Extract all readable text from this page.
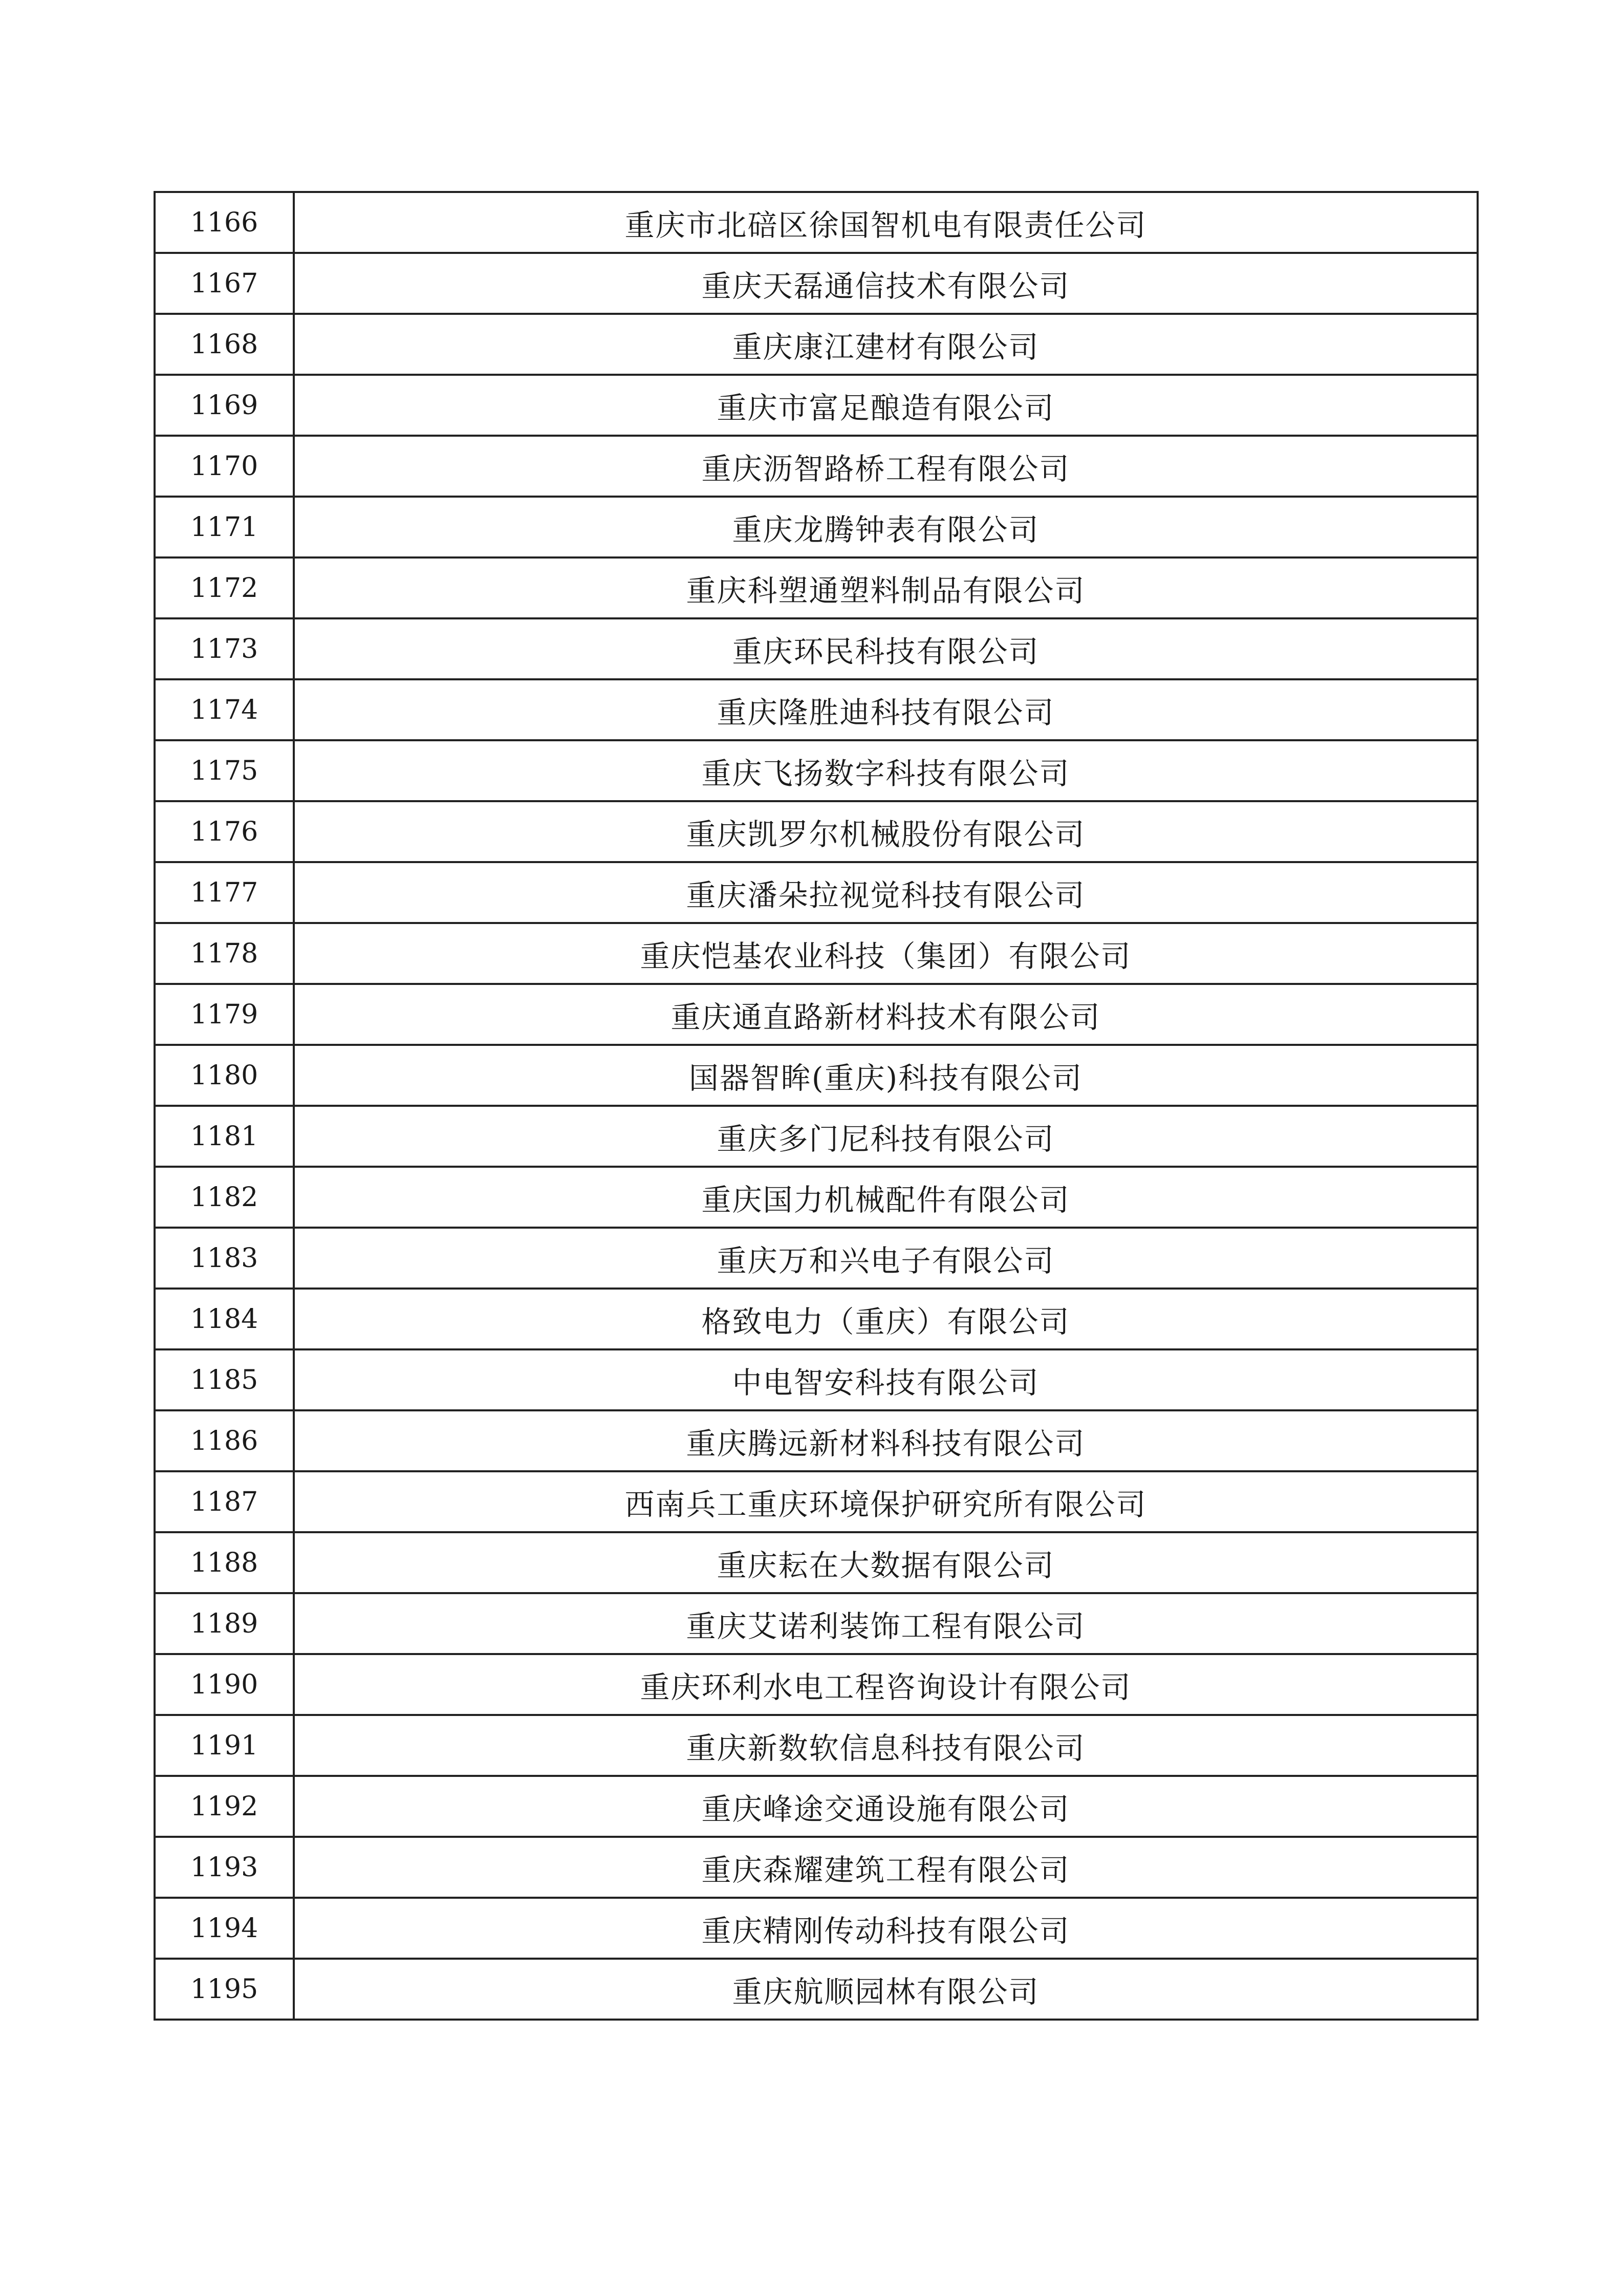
1166	重庆市北碚区徐国智机电有限责任公司
1167	重庆天磊通信技术有限公司
1168	重庆康江建材有限公司
1169	重庆市富足酿造有限公司
1170	重庆沥智路桥工程有限公司
1171	重庆龙腾钟表有限公司
1172	重庆科塑通塑料制品有限公司
1173	重庆环民科技有限公司
1174	重庆隆胜迪科技有限公司
1175	重庆飞扬数字科技有限公司
1176	重庆凯罗尔机械股份有限公司
1177	重庆潘朵拉视觉科技有限公司
1178	重庆恺基农业科技（集团）有限公司
1179	重庆通直路新材料技术有限公司
1180	国器智眸(重庆)科技有限公司
1181	重庆多门尼科技有限公司
1182	重庆国力机械配件有限公司
1183	重庆万和兴电子有限公司
1184	格致电力（重庆）有限公司
1185	中电智安科技有限公司
1186	重庆腾远新材料科技有限公司
1187	西南兵工重庆环境保护研究所有限公司
1188	重庆耘在大数据有限公司
1189	重庆艾诺利装饰工程有限公司
1190	重庆环利水电工程咨询设计有限公司
1191	重庆新数软信息科技有限公司
1192	重庆峰途交通设施有限公司
1193	重庆森耀建筑工程有限公司
1194	重庆精刚传动科技有限公司
1195	重庆航顺园林有限公司
